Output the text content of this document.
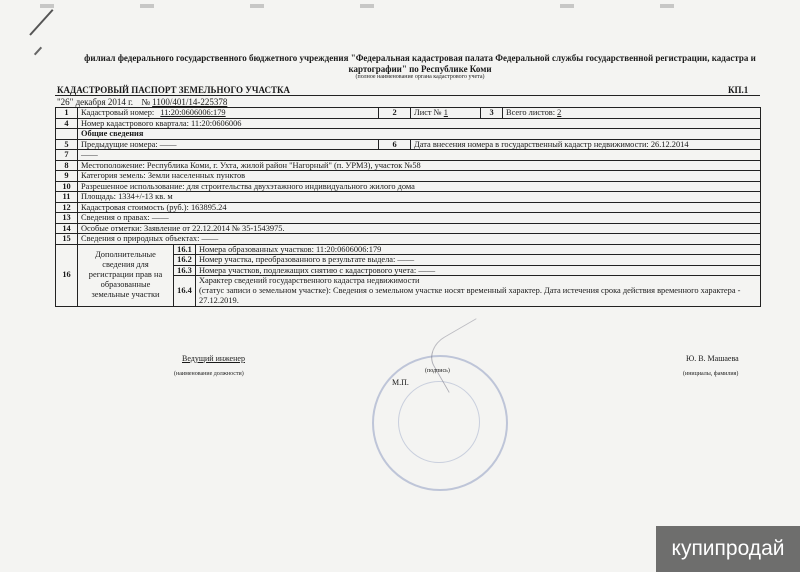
филиал федерального государственного бюджетного учреждения "Федеральная кадастровая палата Федеральной службы государственной регистрации, кадастра и картографии" по Республике Коми
(полное наименование органа кадастрового учета)
КАДАСТРОВЫЙ ПАСПОРТ ЗЕМЕЛЬНОГО УЧАСТКА	КП.1
"26" декабря 2014 г. № 1100/401/14-225378
1	Кадастровый номер: 11:20:0606006:179			2	Лист № 1	3	Всего листов: 2
4	Номер кадастрового квартала: 11:20:0606006						
	Общие сведения						
5	Предыдущие номера: ——			6	Дата внесения номера в государственный кадастр недвижимости: 26.12.2014		
7	——						
8	Местоположение: Республика Коми, г. Ухта, жилой район "Нагорный" (п. УРМЗ), участок №58						
9	Категория земель: Земли населенных пунктов						
10	Разрешенное использование: для строительства двухэтажного индивидуального жилого дома						
11	Площадь: 1334+/-13 кв. м						
12	Кадастровая стоимость (руб.): 163895.24						
13	Сведения о правах: ——						
14	Особые отметки: Заявление от 22.12.2014 № 35-1543975.						
15	Сведения о природных объектах: ——						
16	Дополнительные сведения для регистрации прав на образованные земельные участки	16.1	Номера образованных участков: 11:20:0606006:179				
		16.2	Номер участка, преобразованного в результате выдела: ——				
		16.3	Номера участков, подлежащих снятию с кадастрового учета: ——				
		16.4	Характер сведений государственного кадастра недвижимости				
			(статус записи о земельном участке): Сведения о земельном участке носят временный характер. Дата истечения срока действия временного характера - 27.12.2019.				
Ведущий инженер
(наименование должности)	(подпись)
М.П.
Ю. В. Машаева
(инициалы, фамилия)
купипродай
